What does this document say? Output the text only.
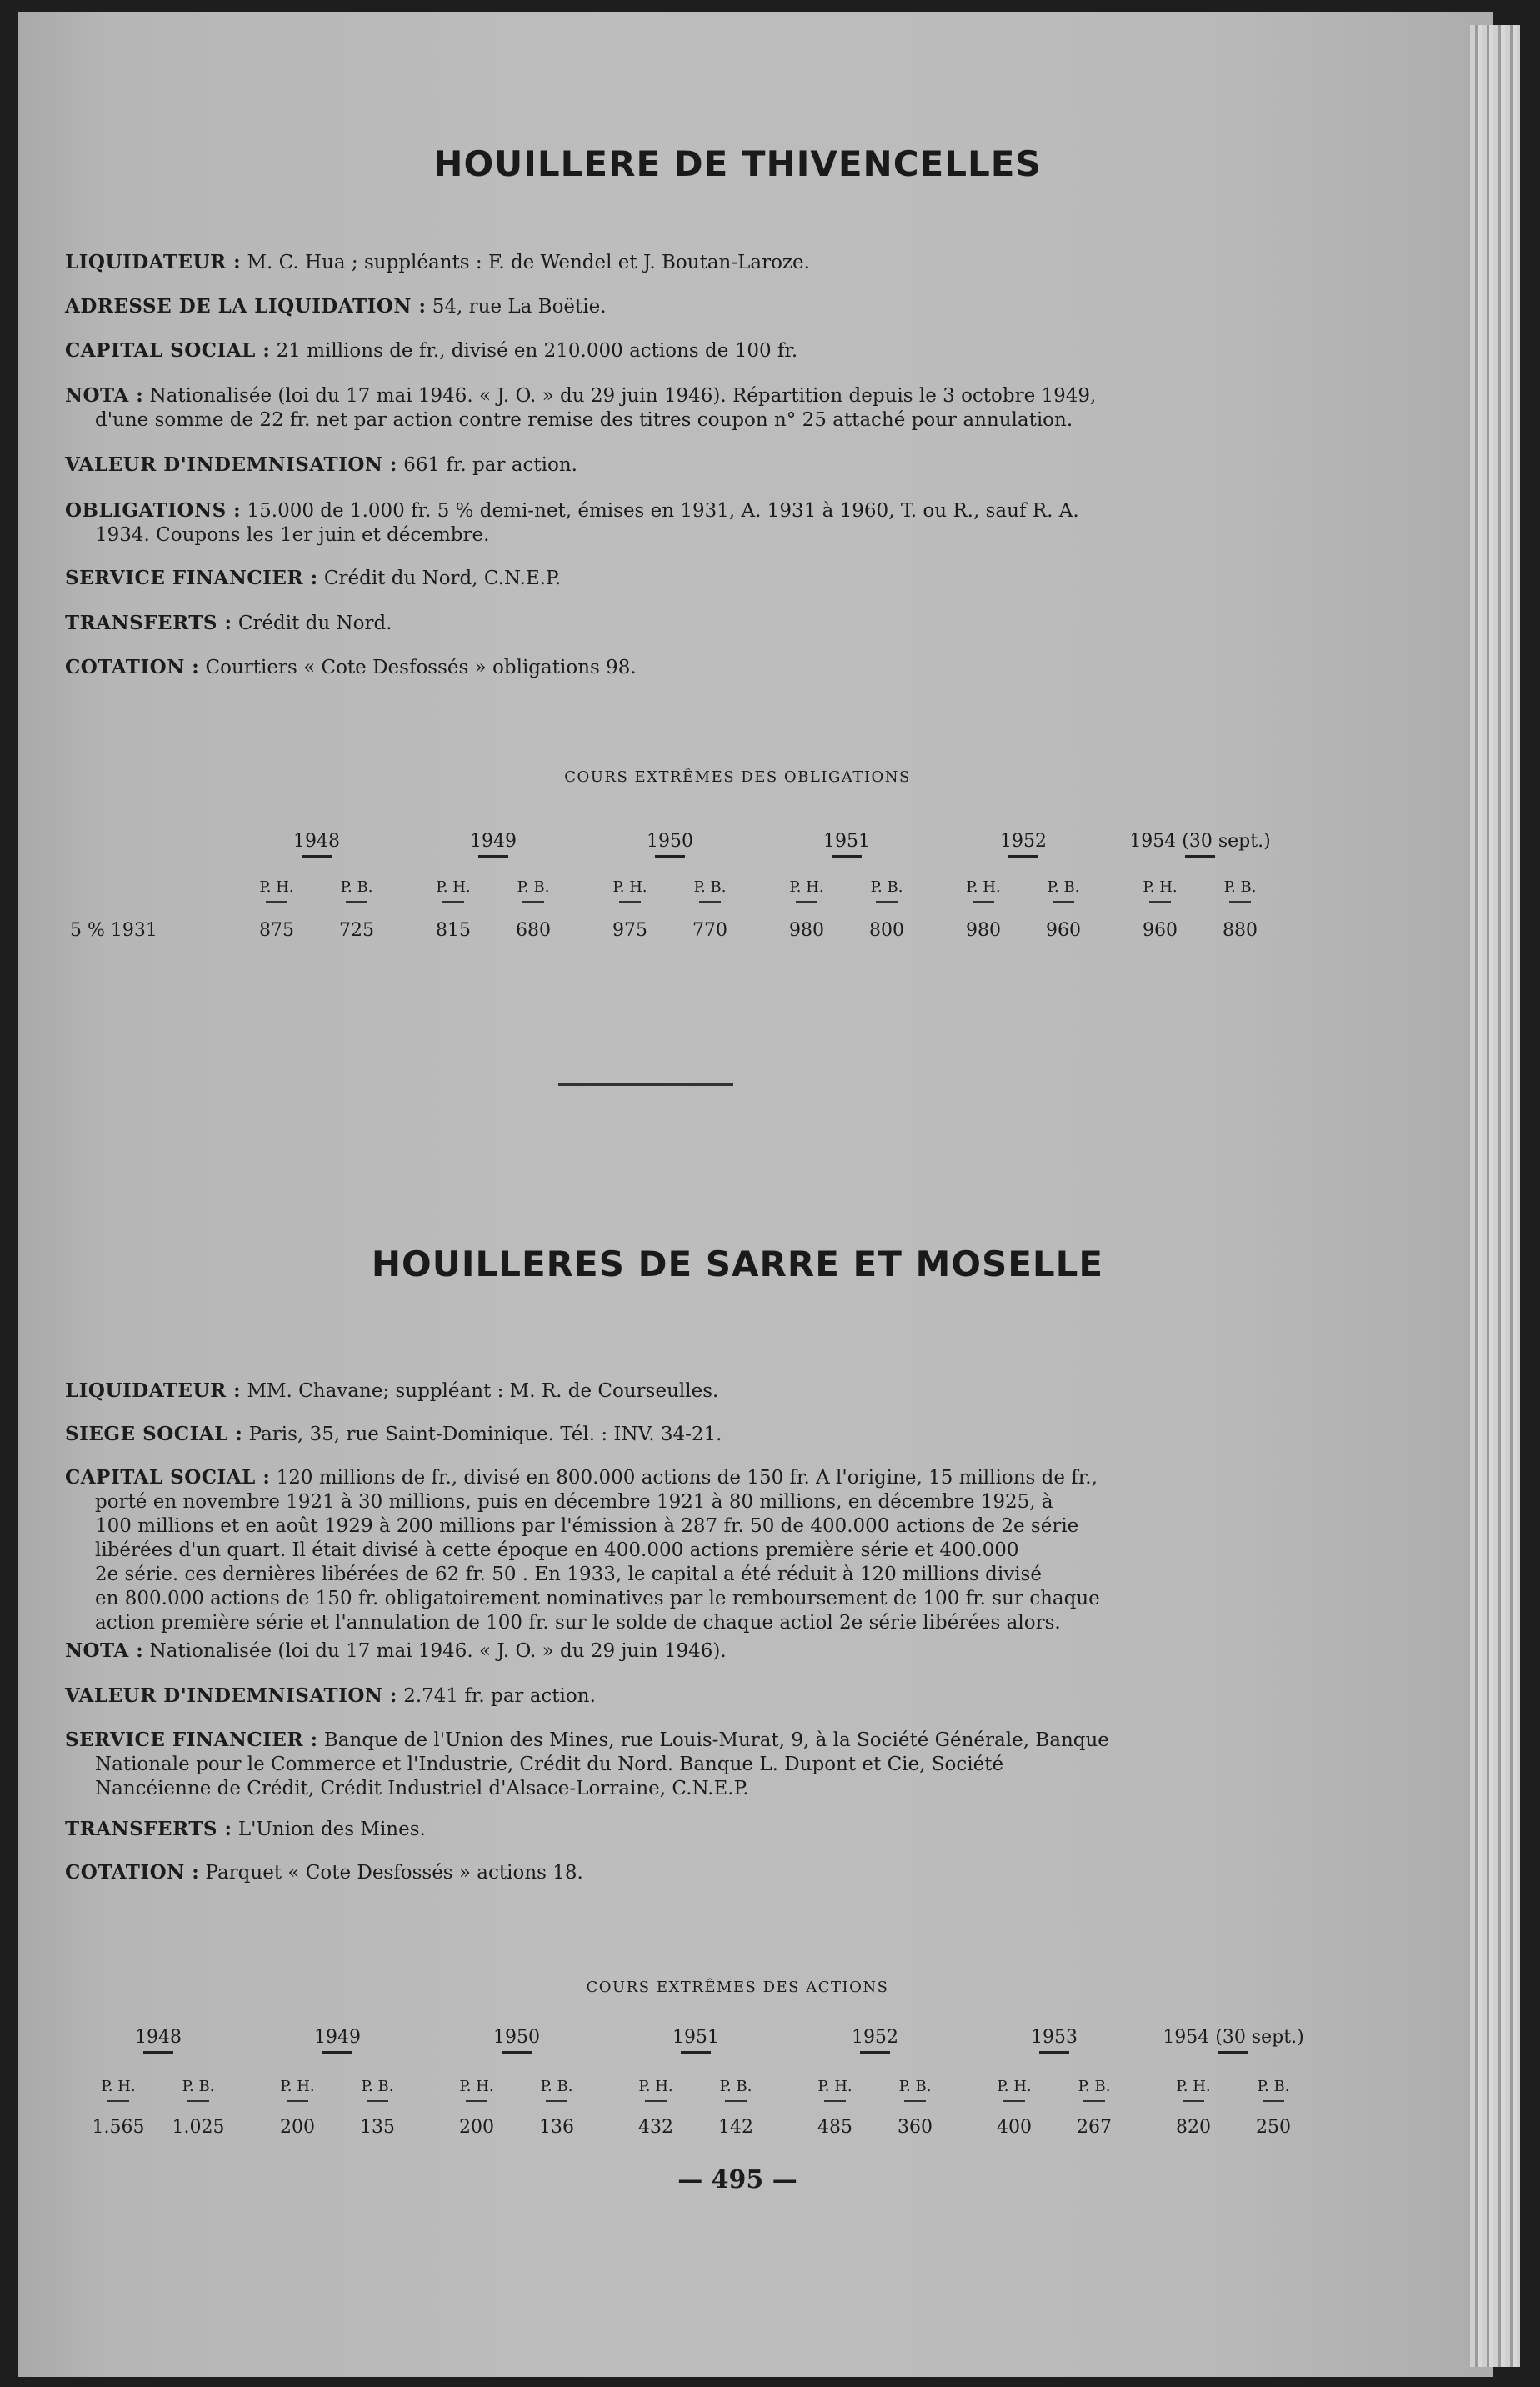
HOUILLERE DE THIVENCELLES
LIQUIDATEUR : M. C. Hua ; suppléants : F. de Wendel et J. Boutan-Laroze.
ADRESSE DE LA LIQUIDATION : 54, rue La Boëtie.
CAPITAL SOCIAL : 21 millions de fr., divisé en 210.000 actions de 100 fr.
NOTA : Nationalisée (loi du 17 mai 1946. « J. O. » du 29 juin 1946). Répartition depuis le 3 octobre 1949,
d'une somme de 22 fr. net par action contre remise des titres coupon n° 25 attaché pour annulation.
VALEUR D'INDEMNISATION : 661 fr. par action.
OBLIGATIONS : 15.000 de 1.000 fr. 5 % demi-net, émises en 1931, A. 1931 à 1960, T. ou R., sauf R. A.
1934. Coupons les 1er juin et décembre.
SERVICE FINANCIER : Crédit du Nord, C.N.E.P.
TRANSFERTS : Crédit du Nord.
COTATION : Courtiers « Cote Desfossés » obligations 98.
COURS EXTRÊMES DES OBLIGATIONS
1948
P. H.
875
P. B.
725
1949
P. H.
815
P. B.
680
1950
P. H.
975
P. B.
770
1951
P. H.
980
P. B.
800
1952
P. H.
980
P. B.
960
1954 (30 sept.)
P. H.
960
P. B.
880
5 % 1931
HOUILLERES DE SARRE ET MOSELLE
LIQUIDATEUR : MM. Chavane; suppléant : M. R. de Courseulles.
SIEGE SOCIAL : Paris, 35, rue Saint-Dominique. Tél. : INV. 34-21.
CAPITAL SOCIAL : 120 millions de fr., divisé en 800.000 actions de 150 fr. A l'origine, 15 millions de fr.,
porté en novembre 1921 à 30 millions, puis en décembre 1921 à 80 millions, en décembre 1925, à
100 millions et en août 1929 à 200 millions par l'émission à 287 fr. 50 de 400.000 actions de 2e série
libérées d'un quart. Il était divisé à cette époque en 400.000 actions première série et 400.000
2e série. ces dernières libérées de 62 fr. 50 . En 1933, le capital a été réduit à 120 millions divisé
en 800.000 actions de 150 fr. obligatoirement nominatives par le remboursement de 100 fr. sur chaque
action première série et l'annulation de 100 fr. sur le solde de chaque actiol 2e série libérées alors.
NOTA : Nationalisée (loi du 17 mai 1946. « J. O. » du 29 juin 1946).
VALEUR D'INDEMNISATION : 2.741 fr. par action.
SERVICE FINANCIER : Banque de l'Union des Mines, rue Louis-Murat, 9, à la Société Générale, Banque
Nationale pour le Commerce et l'Industrie, Crédit du Nord. Banque L. Dupont et Cie, Société
Nancéienne de Crédit, Crédit Industriel d'Alsace-Lorraine, C.N.E.P.
TRANSFERTS : L'Union des Mines.
COTATION : Parquet « Cote Desfossés » actions 18.
COURS EXTRÊMES DES ACTIONS
1948
P. H.
1.565
P. B.
1.025
1949
P. H.
200
P. B.
135
1950
P. H.
200
P. B.
136
1951
P. H.
432
P. B.
142
1952
P. H.
485
P. B.
360
1953
P. H.
400
P. B.
267
1954 (30 sept.)
P. H.
820
P. B.
250
— 495 —
